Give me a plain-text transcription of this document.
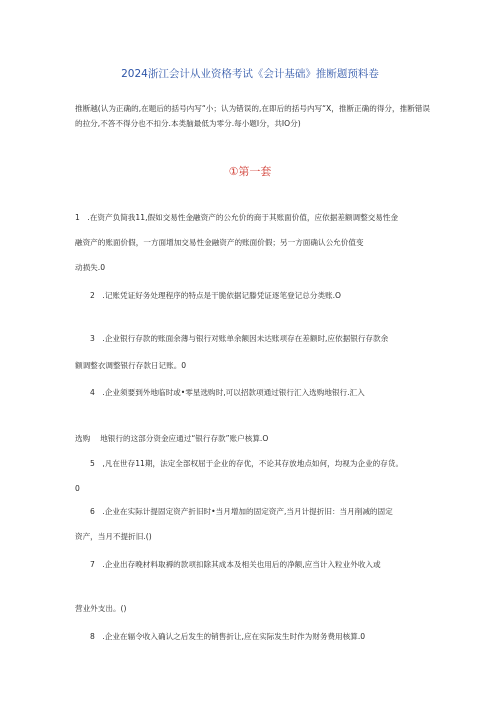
2024浙江会计从业资格考试《会计基础》推断题预料卷
推断越(认为正确的,在题后的括号内写“小；认为错误的,在即后的括号内写“X，推断正确的得分，推断错误的拉分,不答不得分也不扣分.本类脑最低为零分.每小题I分，共IO分)
①第一套
1　.在资产负简我11,假如交易性金融资产的公允价的商于其账面价值，应依据差额调整交易性金
融资产的账面价假，一方面增加交易性金融资产的账面价假；另一方面确认公允价值变
动损失.0
2　.记账凭证好务处理程序的特点是干脆依据记滕凭证逐笔登记总分类账.O
3　.企业银行存款的账面余薄与银行对账单余额因未达账项存在差额时,应依据银行存款余
额调整衣调整银行存款日记账。0
4　.企业须要到外地临时或•零星选购时,可以招款项通过银行汇入选购地银行.汇入
选购　 地银行的这部分资金应通过“银行存款”账户核算.O
5　,凡在世存11期，法定全部权屈于企业的存优，不论其存放地点如何，均视为企业的存货。
0
6　.企业在实际计提固定资产折旧时•当月增加的固定资产,当月计提折旧：当月削减的固定
资产，当月不提折旧.()
7　.企业出存晚材料取褥的款项扣除其成本及相关也用后的净额,应当计入粒业外收入或
营业外支出。()
8　.企业在辐令收入确认之后发生的销售折让,应在实际发生时作为财务费用核算.0
